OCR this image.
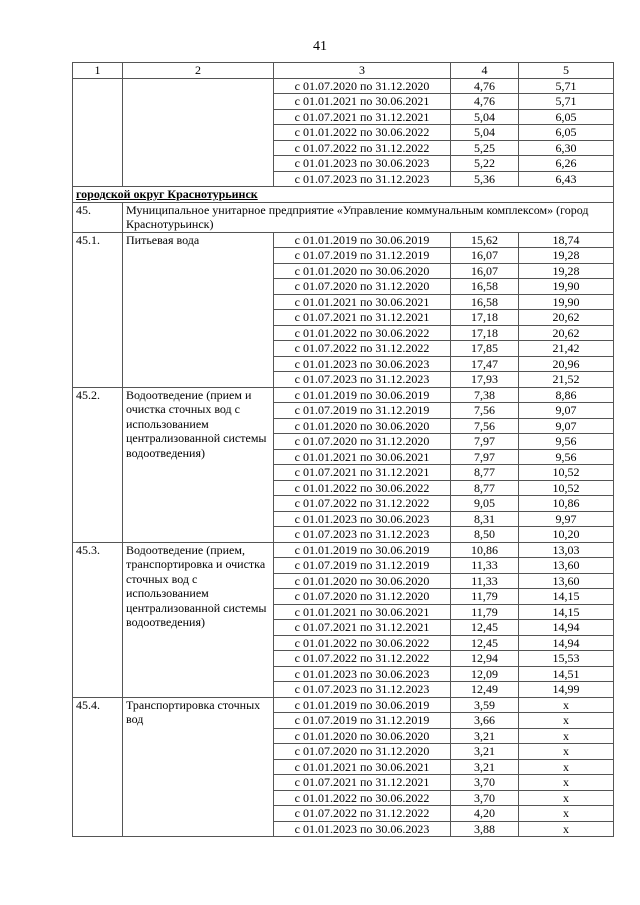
41
1	2	3	4	5
		с 01.07.2020 по 31.12.2020	4,76	5,71
		с 01.01.2021 по 30.06.2021	4,76	5,71
		с 01.07.2021 по 31.12.2021	5,04	6,05
		с 01.01.2022 по 30.06.2022	5,04	6,05
		с 01.07.2022 по 31.12.2022	5,25	6,30
		с 01.01.2023 по 30.06.2023	5,22	6,26
		с 01.07.2023 по 31.12.2023	5,36	6,43
городской округ Краснотурьинск				
45.	Муниципальное унитарное предприятие «Управление коммунальным комплексом» (город Краснотурьинск)			
45.1.	Питьевая вода	с 01.01.2019 по 30.06.2019	15,62	18,74
		с 01.07.2019 по 31.12.2019	16,07	19,28
		с 01.01.2020 по 30.06.2020	16,07	19,28
		с 01.07.2020 по 31.12.2020	16,58	19,90
		с 01.01.2021 по 30.06.2021	16,58	19,90
		с 01.07.2021 по 31.12.2021	17,18	20,62
		с 01.01.2022 по 30.06.2022	17,18	20,62
		с 01.07.2022 по 31.12.2022	17,85	21,42
		с 01.01.2023 по 30.06.2023	17,47	20,96
		с 01.07.2023 по 31.12.2023	17,93	21,52
45.2.	Водоотведение (прием и очистка сточных вод с использованием централизованной системы водоотведения)	с 01.01.2019 по 30.06.2019	7,38	8,86
		с 01.07.2019 по 31.12.2019	7,56	9,07
		с 01.01.2020 по 30.06.2020	7,56	9,07
		с 01.07.2020 по 31.12.2020	7,97	9,56
		с 01.01.2021 по 30.06.2021	7,97	9,56
		с 01.07.2021 по 31.12.2021	8,77	10,52
		с 01.01.2022 по 30.06.2022	8,77	10,52
		с 01.07.2022 по 31.12.2022	9,05	10,86
		с 01.01.2023 по 30.06.2023	8,31	9,97
		с 01.07.2023 по 31.12.2023	8,50	10,20
45.3.	Водоотведение (прием, транспортировка и очистка сточных вод с использованием централизованной системы водоотведения)	с 01.01.2019 по 30.06.2019	10,86	13,03
		с 01.07.2019 по 31.12.2019	11,33	13,60
		с 01.01.2020 по 30.06.2020	11,33	13,60
		с 01.07.2020 по 31.12.2020	11,79	14,15
		с 01.01.2021 по 30.06.2021	11,79	14,15
		с 01.07.2021 по 31.12.2021	12,45	14,94
		с 01.01.2022 по 30.06.2022	12,45	14,94
		с 01.07.2022 по 31.12.2022	12,94	15,53
		с 01.01.2023 по 30.06.2023	12,09	14,51
		с 01.07.2023 по 31.12.2023	12,49	14,99
45.4.	Транспортировка сточных вод	с 01.01.2019 по 30.06.2019	3,59	х
		с 01.07.2019 по 31.12.2019	3,66	х
		с 01.01.2020 по 30.06.2020	3,21	х
		с 01.07.2020 по 31.12.2020	3,21	х
		с 01.01.2021 по 30.06.2021	3,21	х
		с 01.07.2021 по 31.12.2021	3,70	х
		с 01.01.2022 по 30.06.2022	3,70	х
		с 01.07.2022 по 31.12.2022	4,20	х
		с 01.01.2023 по 30.06.2023	3,88	х
